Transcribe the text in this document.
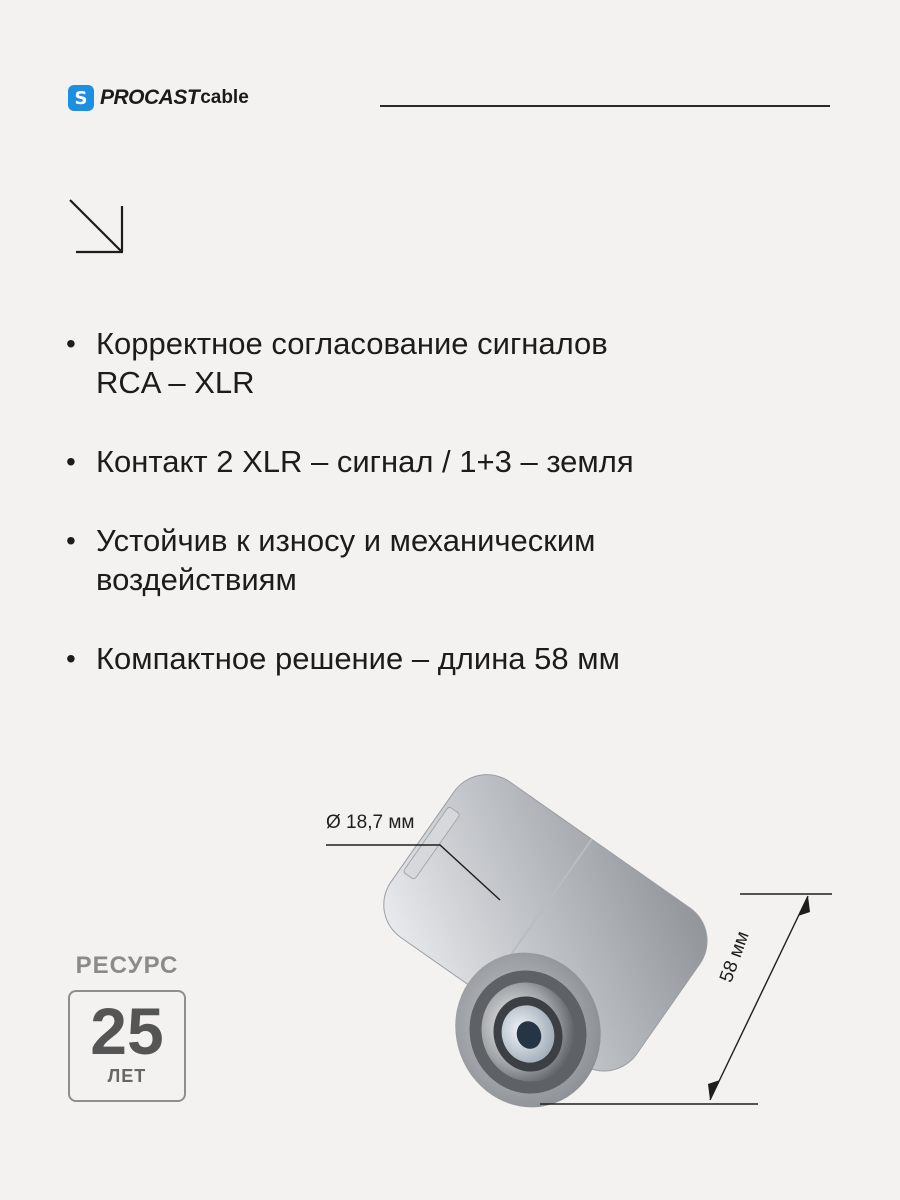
S PROCAST cable
• Корректное согласование сигналов
RCA – XLR
• Контакт 2 XLR – сигнал / 1+3 – земля
• Устойчив к износу и механическим
воздействиям
• Компактное решение – длина 58 мм
Ø 18,7 мм
58 мм
РЕСУРС
25
ЛЕТ
